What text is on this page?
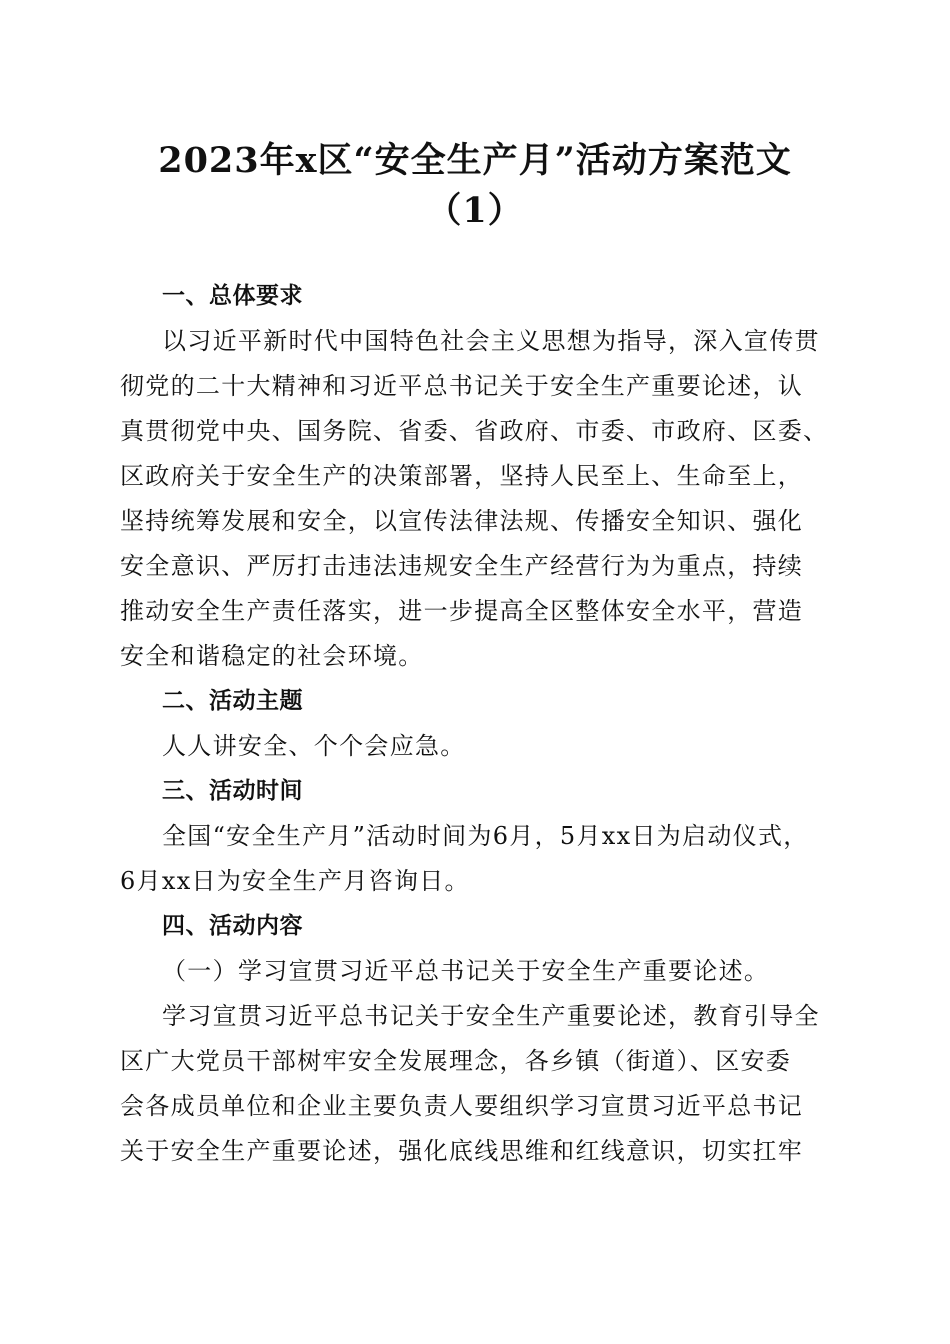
2023年x区“安全生产月”活动方案范文
（1）
一、总体要求
以习近平新时代中国特色社会主义思想为指导，深入宣传贯
彻党的二十大精神和习近平总书记关于安全生产重要论述，认
真贯彻党中央、国务院、省委、省政府、市委、市政府、区委、
区政府关于安全生产的决策部署，坚持人民至上、生命至上，
坚持统筹发展和安全，以宣传法律法规、传播安全知识、强化
安全意识、严厉打击违法违规安全生产经营行为为重点，持续
推动安全生产责任落实，进一步提高全区整体安全水平，营造
安全和谐稳定的社会环境。
二、活动主题
人人讲安全、个个会应急。
三、活动时间
全国“安全生产月”活动时间为6月，5月xx日为启动仪式，
6月xx日为安全生产月咨询日。
四、活动内容
（一）学习宣贯习近平总书记关于安全生产重要论述。
学习宣贯习近平总书记关于安全生产重要论述，教育引导全
区广大党员干部树牢安全发展理念，各乡镇（街道）、区安委
会各成员单位和企业主要负责人要组织学习宣贯习近平总书记
关于安全生产重要论述，强化底线思维和红线意识，切实扛牢
